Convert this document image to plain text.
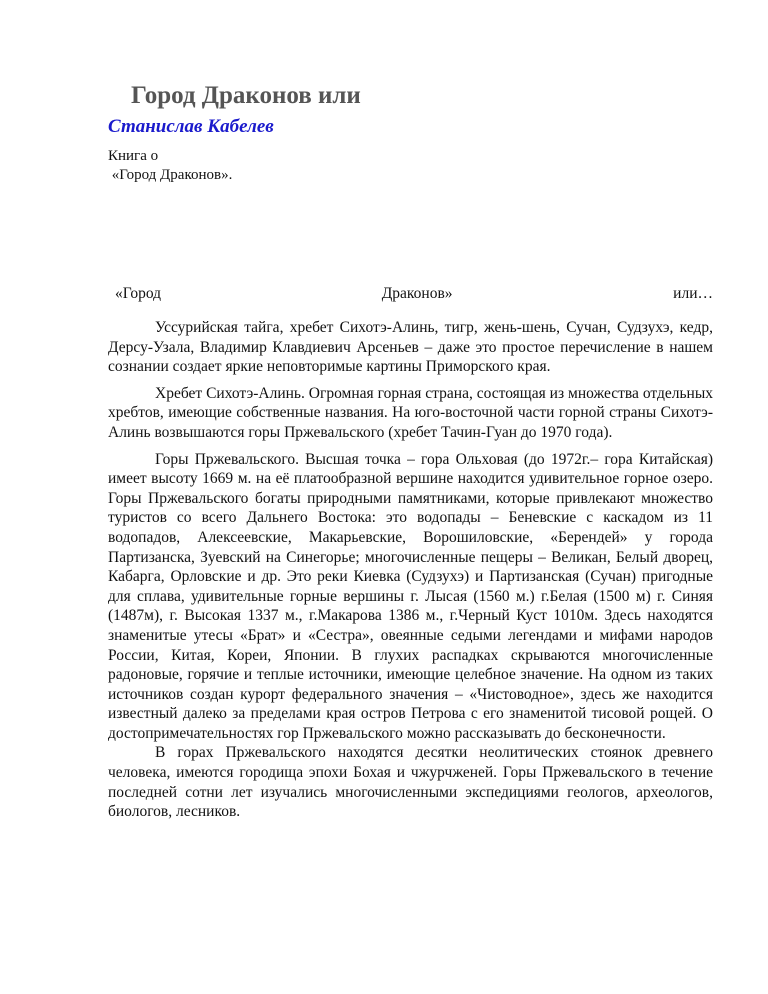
Город Драконов или
Станислав Кабелев
Книга о
«Город Драконов».
«Город	Драконов»	или…

Уссурийская тайга, хребет Сихотэ-Алинь, тигр, жень-шень, Сучан, Судзухэ, кедр, Дерсу-Узала, Владимир Клавдиевич Арсеньев – даже это простое перечисление в нашем сознании создает яркие неповторимые картины Приморского края.

Хребет Сихотэ-Алинь. Огромная горная страна, состоящая из множества отдельных хребтов, имеющие собственные названия. На юго-восточной части горной страны Сихотэ-Алинь возвышаются горы Пржевальского (хребет Тачин-Гуан до 1970 года).

Горы Пржевальского. Высшая точка – гора Ольховая (до 1972г.– гора Китайская) имеет высоту 1669 м. на её платообразной вершине находится удивительное горное озеро. Горы Пржевальского богаты природными памятниками, которые привлекают множество туристов со всего Дальнего Востока: это водопады – Беневские с каскадом из 11 водопадов, Алексеевские, Макарьевские, Ворошиловские, «Берендей» у города Партизанска, Зуевский на Синегорье; многочисленные пещеры – Великан, Белый дворец, Кабарга, Орловские и др. Это реки Киевка (Судзухэ) и Партизанская (Сучан) пригодные для сплава, удивительные горные вершины г. Лысая (1560 м.) г.Белая (1500 м) г. Синяя (1487м), г. Высокая 1337 м., г.Макарова 1386 м., г.Черный Куст 1010м. Здесь находятся знаменитые утесы «Брат» и «Сестра», овеянные седыми легендами и мифами народов России, Китая, Кореи, Японии. В глухих распадках скрываются многочисленные радоновые, горячие и теплые источники, имеющие целебное значение. На одном из таких источников создан курорт федерального значения – «Чистоводное», здесь же находится известный далеко за пределами края остров Петрова с его знаменитой тисовой рощей. О достопримечательностях гор Пржевальского можно рассказывать до бесконечности.

В горах Пржевальского находятся десятки неолитических стоянок древнего человека, имеются городища эпохи Бохая и чжурчженей. Горы Пржевальского в течение последней сотни лет изучались многочисленными экспедициями геологов, археологов, биологов, лесников.
